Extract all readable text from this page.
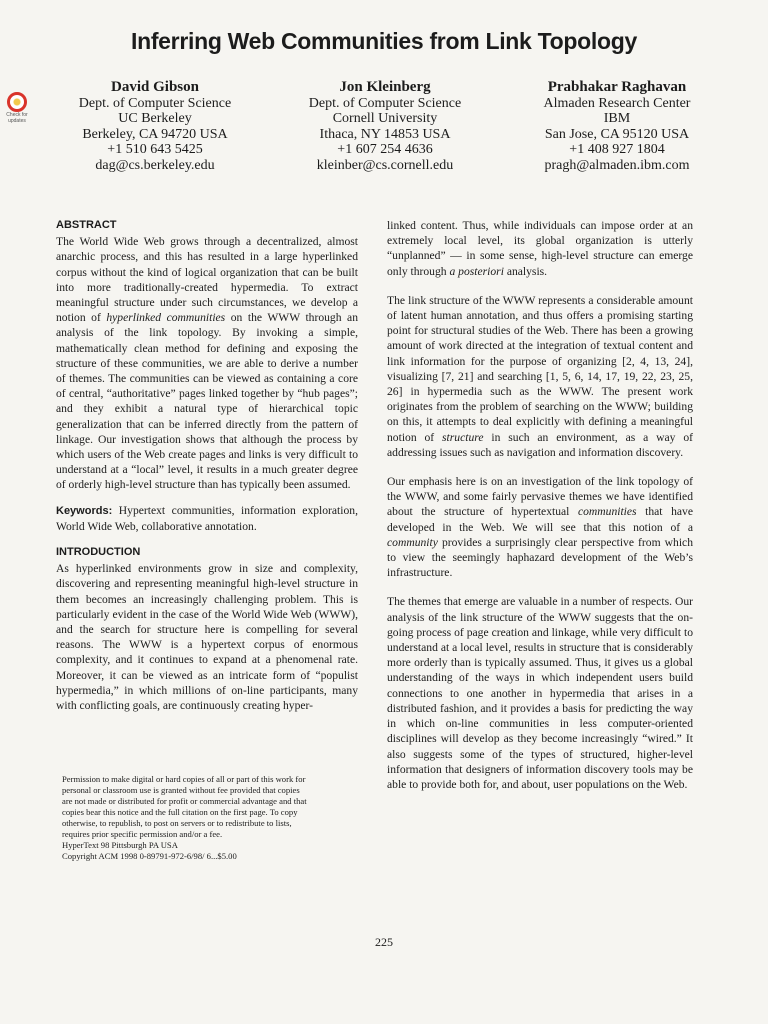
Inferring Web Communities from Link Topology
Check for updates
David Gibson
Dept. of Computer Science
UC Berkeley
Berkeley, CA 94720 USA
+1 510 643 5425
dag@cs.berkeley.edu
Jon Kleinberg
Dept. of Computer Science
Cornell University
Ithaca, NY 14853 USA
+1 607 254 4636
kleinber@cs.cornell.edu
Prabhakar Raghavan
Almaden Research Center
IBM
San Jose, CA 95120 USA
+1 408 927 1804
pragh@almaden.ibm.com
ABSTRACT

The World Wide Web grows through a decentralized, almost anarchic process, and this has resulted in a large hyperlinked corpus without the kind of logical organization that can be built into more traditionally-created hypermedia. To extract meaningful structure under such circumstances, we develop a notion of hyperlinked communities on the WWW through an analysis of the link topology. By invoking a simple, mathematically clean method for defining and exposing the structure of these communities, we are able to derive a number of themes. The communities can be viewed as containing a core of central, “authoritative” pages linked together by “hub pages”; and they exhibit a natural type of hierarchical topic generalization that can be inferred directly from the pattern of linkage. Our investigation shows that although the process by which users of the Web create pages and links is very difficult to understand at a “local” level, it results in a much greater degree of orderly high-level structure than has typically been assumed.

Keywords: Hypertext communities, information exploration, World Wide Web, collaborative annotation.

INTRODUCTION

As hyperlinked environments grow in size and complexity, discovering and representing meaningful high-level structure in them becomes an increasingly challenging problem. This is particularly evident in the case of the World Wide Web (WWW), and the search for structure here is compelling for several reasons. The WWW is a hypertext corpus of enormous complexity, and it continues to expand at a phenomenal rate. Moreover, it can be viewed as an intricate form of “populist hypermedia,” in which millions of on-line participants, many with conflicting goals, are continuously creating hyper-

Permission to make digital or hard copies of all or part of this work for
personal or classroom use is granted without fee provided that copies
are not made or distributed for profit or commercial advantage and that
copies bear this notice and the full citation on the first page. To copy
otherwise, to republish, to post on servers or to redistribute to lists,
requires prior specific permission and/or a fee.
HyperText 98 Pittsburgh PA USA
Copyright ACM 1998 0-89791-972-6/98/ 6...$5.00

linked content. Thus, while individuals can impose order at an extremely local level, its global organization is utterly “unplanned” — in some sense, high-level structure can emerge only through a posteriori analysis.

The link structure of the WWW represents a considerable amount of latent human annotation, and thus offers a promising starting point for structural studies of the Web. There has been a growing amount of work directed at the integration of textual content and link information for the purpose of organizing [2, 4, 13, 24], visualizing [7, 21] and searching [1, 5, 6, 14, 17, 19, 22, 23, 25, 26] in hypermedia such as the WWW. The present work originates from the problem of searching on the WWW; building on this, it attempts to deal explicitly with defining a meaningful notion of structure in such an environment, as a way of addressing issues such as navigation and information discovery.

Our emphasis here is on an investigation of the link topology of the WWW, and some fairly pervasive themes we have identified about the structure of hypertextual communities that have developed in the Web. We will see that this notion of a community provides a surprisingly clear perspective from which to view the seemingly haphazard development of the Web’s infrastructure.

The themes that emerge are valuable in a number of respects. Our analysis of the link structure of the WWW suggests that the on-going process of page creation and linkage, while very difficult to understand at a local level, results in structure that is considerably more orderly than is typically assumed. Thus, it gives us a global understanding of the ways in which independent users build connections to one another in hypermedia that arises in a distributed fashion, and it provides a basis for predicting the way in which on-line communities in less computer-oriented disciplines will develop as they become increasingly “wired.” It also suggests some of the types of structured, higher-level information that designers of information discovery tools may be able to provide both for, and about, user populations on the Web.

225
